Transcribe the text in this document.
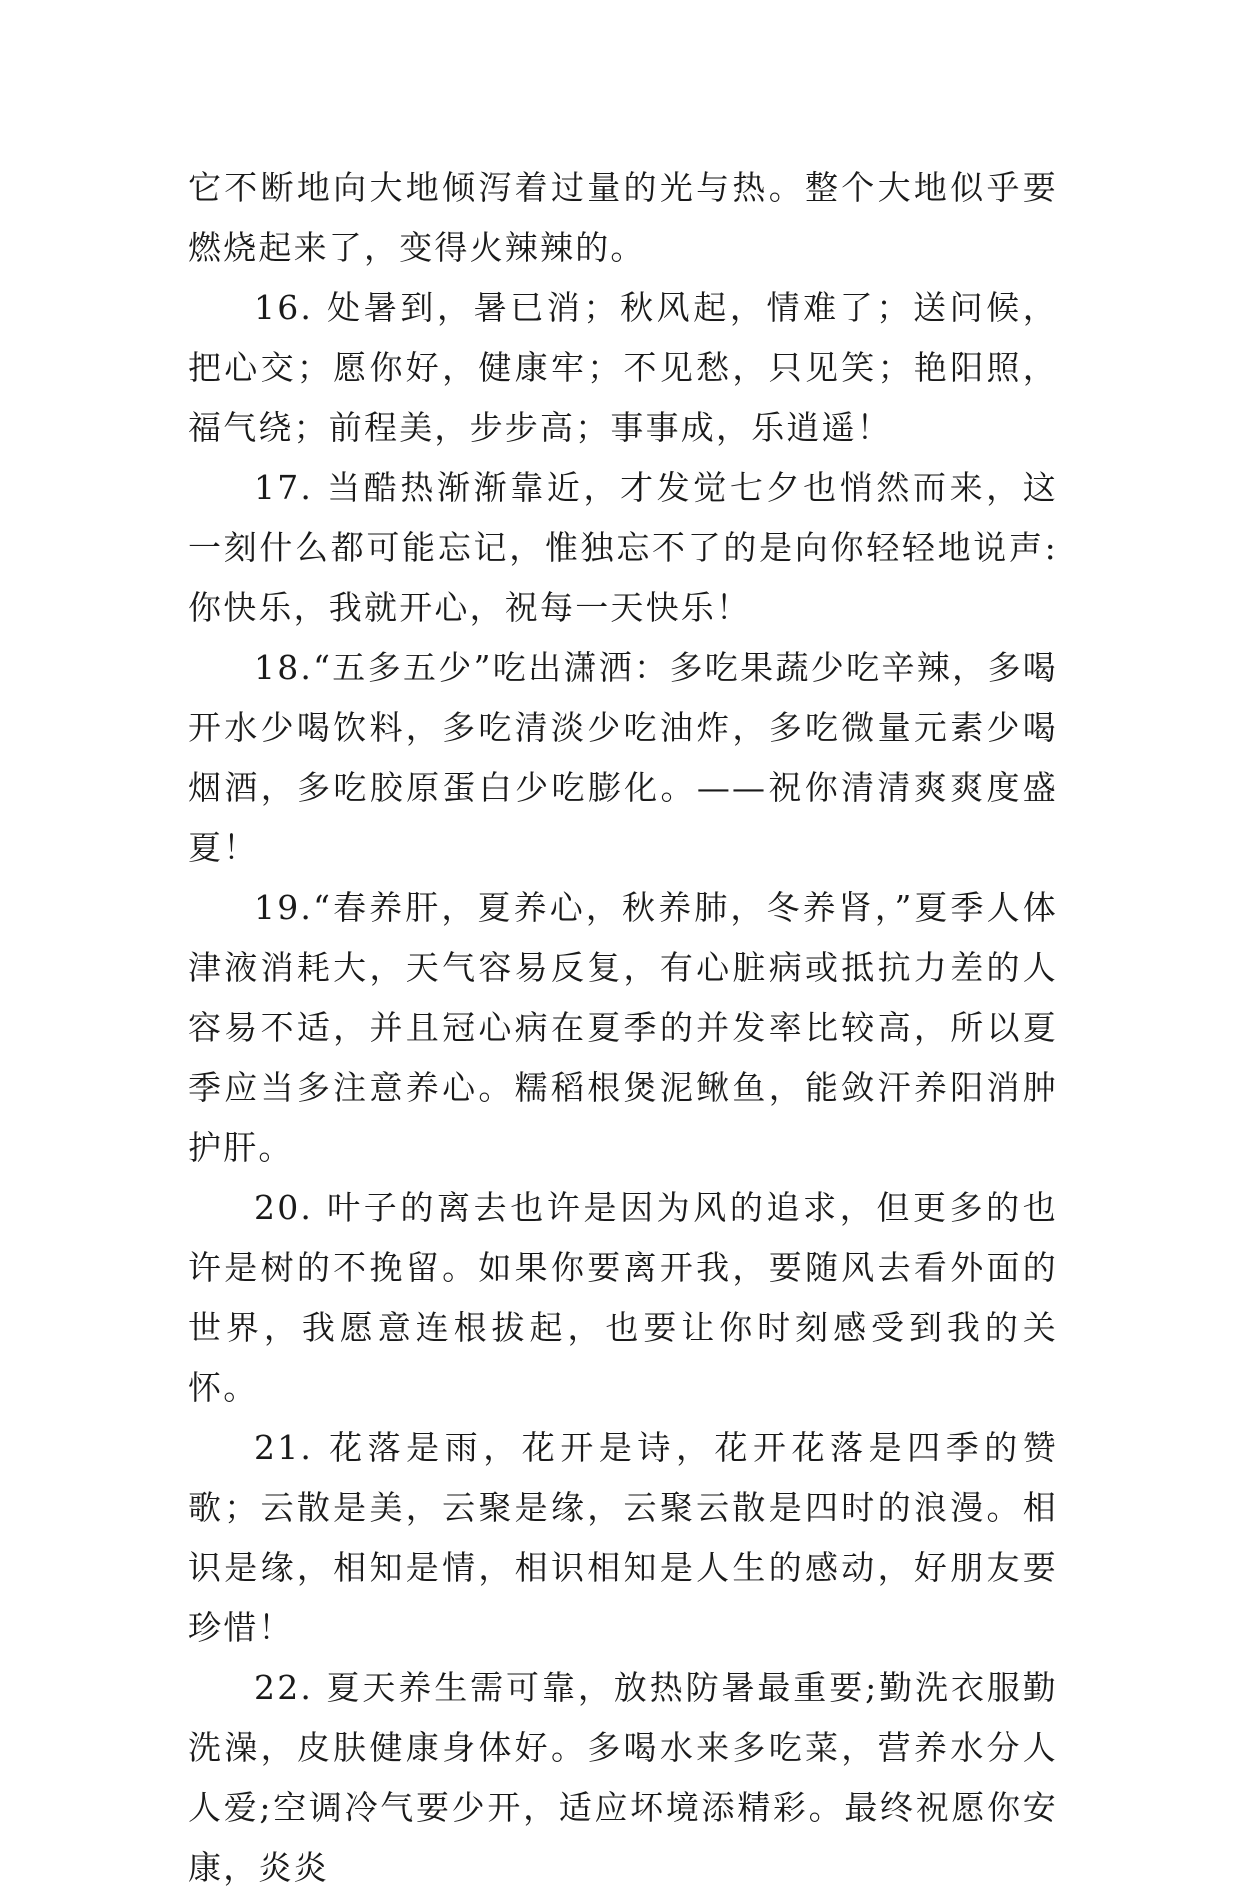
它不断地向大地倾泻着过量的光与热。整个大地似乎要燃烧起来了，变得火辣辣的。

16. 处暑到，暑已消；秋风起，情难了；送问候，把心交；愿你好，健康牢；不见愁，只见笑；艳阳照，福气绕；前程美，步步高；事事成，乐逍遥！

17. 当酷热渐渐靠近，才发觉七夕也悄然而来，这一刻什么都可能忘记，惟独忘不了的是向你轻轻地说声:你快乐，我就开心，祝每一天快乐！

18.“五多五少”吃出潇洒：多吃果蔬少吃辛辣，多喝开水少喝饮料，多吃清淡少吃油炸，多吃微量元素少喝烟酒，多吃胶原蛋白少吃膨化。——祝你清清爽爽度盛夏！

19.“春养肝，夏养心，秋养肺，冬养肾，”夏季人体津液消耗大，天气容易反复，有心脏病或抵抗力差的人容易不适，并且冠心病在夏季的并发率比较高，所以夏季应当多注意养心。糯稻根煲泥鳅鱼，能敛汗养阳消肿护肝。

20. 叶子的离去也许是因为风的追求，但更多的也许是树的不挽留。如果你要离开我，要随风去看外面的世界，我愿意连根拔起，也要让你时刻感受到我的关怀。

21. 花落是雨，花开是诗，花开花落是四季的赞歌；云散是美，云聚是缘，云聚云散是四时的浪漫。相识是缘，相知是情，相识相知是人生的感动，好朋友要珍惜！

22. 夏天养生需可靠，放热防暑最重要;勤洗衣服勤洗澡，皮肤健康身体好。多喝水来多吃菜，营养水分人人爱;空调冷气要少开，适应坏境添精彩。最终祝愿你安康，炎炎
